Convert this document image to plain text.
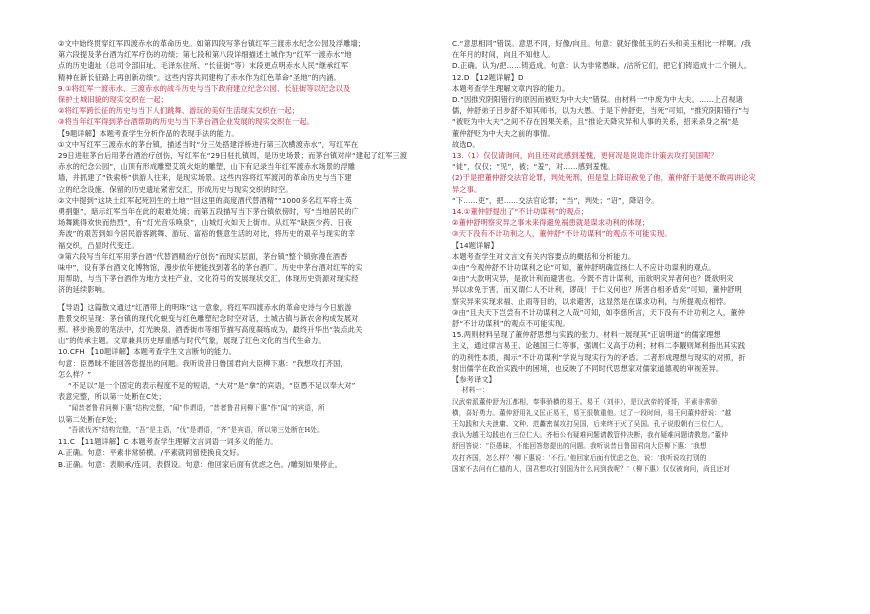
②文中始终贯穿红军四渡赤水的革命历史。如第四段写茅台镇红军三渡赤水纪念公园及浮雕墙；
第六段提及茅台酒为红军疗伤的功绩；第七段和第八段详细描述土城作为“红军一渡赤水”地
点的历史遗址（总司令部旧址、毛泽东住所、“长征街”等）末段更点明赤水人民“继承红军
精神在新长征路上再创新功绩”。这些内容共同建构了赤水作为红色革命“圣地”的内涵。
9.①将红军一渡赤水、三渡赤水的战斗历史与当下政府建立纪念公园、长征街等以纪念以及
保护土城旧貌的现实交织在一起；
②将红军跨长征的历史与当下人们跳舞、游玩的美好生活现实交织在一起；
③将当年红军得到茅台酒帮助的历史与当下茅台酒企业发展的现实交织在一起。
【9题详解】本题考查学生分析作品的表现手法的能力。
①文中写红军三渡赤水的茅台镇，描述当时“分三处搭建浮桥进行第三次横渡赤水”，写红军在
29日进驻茅台后用茅台酒治疗创伤，写红军在“29日驻扎镇周，是历史场景；而茅台镇对岸“建起了红军三渡
赤水的纪念公园”，山顶有形成雕塑艾筑火炬的雕塑，山下有记录当年红军渡赤水场景的浮雕
墙，并抓建了“铁索桥”供游人往来，是现实场景。这些内容将红军渡河的革命历史与当下建
立的纪念设施、保留的历史遗址紧密交汇，形成历史与现实交织的时空。
②文中提到“这块土红军起死回生的土地”“回这里的高度酒代替酒精”“1000多名红军将士英
勇捐躯”，暗示红军当年在此的艰难处境；而第五段描写当下茅台镇依傍时，写“当地居民的广
场舞跳得欢快而热烈”，有“灯光音乐唤泉”，山城灯火如天上街市。从红军“缺医少药、日夜
奔波”的艰苦到如今居民游客跳舞、游玩、富裕的惬意生活的对比，将历史的艰辛与现实的幸
福交织，凸显时代变迁。
③第六段写当年红军用茅台酒“代替酒精治疗创伤”而现实层面，茅台镇“整个镇弥漫在酒香
味中”，设有茅台酒文化博物馆，漫步依年便能找到著名的茅台酒厂。历史中茅台酒对红军的实
用帮助，与当下茅台酒作为地方支柱产业、文化符号的发展现状交汇，体现历史资源对现实经
济的延续影响。
【导语】这篇散文通过“红酒带上的明珠”这一意象，将红军四渡赤水的革命史诗与今日旅游
胜景交织呈现：茅台镇的现代化蜕变与红色雕塑纪念时空对话，土城古镇与新农舍构成发展对
照。移步换景的笔法中，灯光映泉、酒香街市等细节描写高度凝练成为，最终升华出“装点此关
山”的传承主题。文章兼具历史厚重感与时代气象，展现了红色文化的当代生命力。
10.CFH 【10题详解】本题考查学生文言断句的能力。
句意：臣愚昧不能回答您提出的问题。我听说昔日鲁国君向大臣柳下惠：“我想攻打齐国，
怎么样？”
“不足以”是一个固定的表示程度不足的短语，“大对”是“拿”的宾语，“臣愚不足以奉大对”
表意完整，所以第一处断在C处；
“闻昔者鲁君问柳下惠”结构完整，“闻”作谓语，“昔者鲁君问柳下惠”作“闻”的宾语，所
以第二处断在F处；
“吾欲伐齐”结构完整，“吾”是主语，“伐”是谓语，“齐”是宾语，所以第三处断在H处。
11.C 【11题详解】C 本题考查学生理解文言词语一词多义的能力。
A.正确。句意：平素非常骄横。/平素就同留使换良交好。
B.正确。句意：表顺承/连词，表假设。句意：他回家后面有优虑之色。/雕刻如果停止。
C.“意思相同”错误。意思不同，好像/向且。句意：就好像低玉的石头和美玉相比一样啊。/我
在年月的时间，向且不知他人。
D.正确。认为/把……铸造成。句意：认为非常愚昧。/沽所它们，把它们铸造成十二个铜人。
12.D 【12题详解】D
本题考查学生理解文章内容的能力。
D.“因推究阴阳错行的原因而被贬为中大夫”错误。由材料一“中废为中大夫。……上召视诸
儒，仲舒弟子吕步舒不知其师书，以为大愚。于是下仲舒吏，当死”可知，“推究阴阳错行”与
“被贬为中大夫”之间不存在因果关系，且“推论天降灾异和人事的关系，招来杀身之祸”是
董仲舒贬为中大夫之前的事情。
故选D。
13.（1）仅仅请询问，向且还对此感到羞愧，更何况是说诡诈计策去攻打吴国呢？
“徒”，仅仅；“见”，被；“羞”，对……感到羞愧。
(2)于是把董仲舒交法官论罪，判处死刑，但是皇上降诏赦免了他，董仲舒于是便不敢再讲论灾
异之事。
“下……吏”，把……交法官论罪；“当”，判处；“诏”，降诏令。
14.①董仲舒提出了“不计功谋利”的观点；
②董仲舒明察灾异之事未来得避免祸患就是谋求功利的体现；
③天下没有不计功利之人，董仲舒“不计功谋利”的观点不可能实现。
【14题详解】
本题考查学生对文言文有关内容要点的概括和分析能力。
①由“今观仲舒不计功谋利之论”可知，董仲舒明确宣扬仁人不应计功谋利的观点。
②由“大款明灾异，是欲计利而避害也。今既不肯计谋利，而欲明灾异者何也？既欲明灾
异以求免于害，而又谓仁人不计利，谬哉！于仁义何也？所害自相矛盾矣”可知，董仲舒明
察灾异来实现求福、止雨等目的，以求避害，这显然是在谋求功利，与所提观点相悖。
③由“且夫天下岂尝有不计功谋利之人哉”可知，如李慈所言，天下没有不计功利之人，董仲
舒“不计功谋利”的观点不可能实现。
15.两则材料呈现了董仲舒思想与实践的张力。材料一展现其“正谊明道”的儒家理想
主义，通过律言易王、论越国三仁等事，强调仁义高于功利；材料二李觏则犀利指出其实践
的功利性本质，揭示“不计功谋利”学说与现实行为的矛盾。二者形成理想与现实的对照，折
射出儒学在政治实践中的困境，也反映了不同时代思想家对儒家道德观的审视差异。
【参考译文】
材料一：
汉武帝派董仲舒为江都相，奉事骄横的易王。易王（刘非），是汉武帝的哥哥，平素非常骄
横，喜好勇力。董仲舒用礼义匡正易王，易王很敬重他。过了一段时间，易王问董仲舒说：“越
王勾践和大夫泄庸、文种、范蠡密谋攻打吴国，后来终于灭了吴国。孔子说殷朝有三位仁人，
我认为越王勾践也有三位仁人。齐桓公有疑难问题请教管仲决断，我有疑难问题请教您。”董仲
舒回答说：“臣愚昧，不能回答您提出的问题。我听说昔日鲁国君向大臣柳下惠：‘我想
攻打齐国，怎么样？’柳下惠说：‘不行。’他回家后面有忧虑之色，说：‘我听说攻打别的
国家不去问有仁德的人，国君想攻打别国为什么问到我呢？’（柳下惠）仅仅被询问，尚且还对
